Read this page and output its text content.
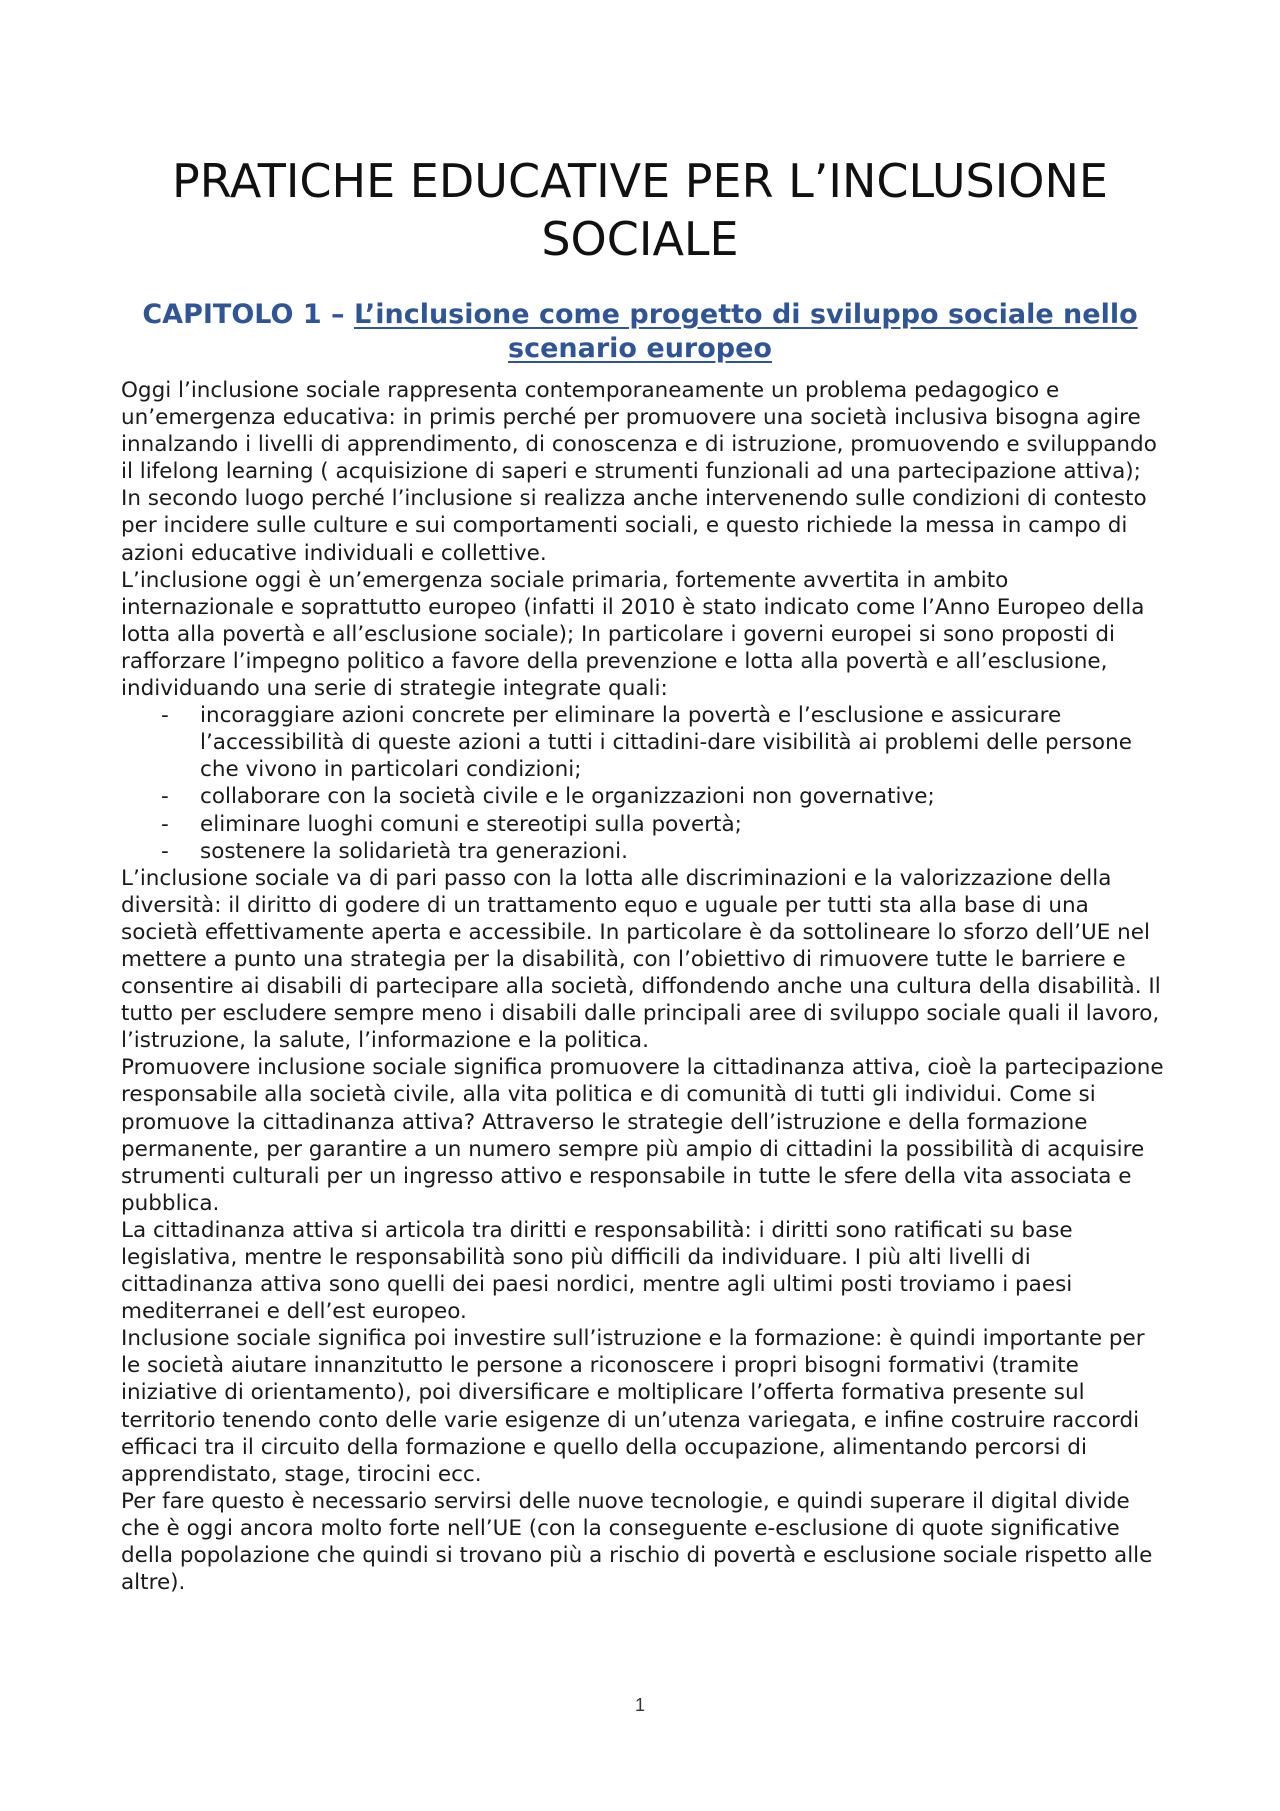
PRATICHE EDUCATIVE PER L’INCLUSIONE SOCIALE
CAPITOLO 1 – L’inclusione come progetto di sviluppo sociale nello scenario europeo

Oggi l’inclusione sociale rappresenta contemporaneamente un problema pedagogico e un’emergenza educativa: in primis perché per promuovere una società inclusiva bisogna agire innalzando i livelli di apprendimento, di conoscenza e di istruzione, promuovendo e sviluppando il lifelong learning ( acquisizione di saperi e strumenti funzionali ad una partecipazione attiva); In secondo luogo perché l’inclusione si realizza anche intervenendo sulle condizioni di contesto per incidere sulle culture e sui comportamenti sociali, e questo richiede la messa in campo di azioni educative individuali e collettive.

L’inclusione oggi è un’emergenza sociale primaria, fortemente avvertita in ambito internazionale e soprattutto europeo (infatti il 2010 è stato indicato come l’Anno Europeo della lotta alla povertà e all’esclusione sociale); In particolare i governi europei si sono proposti di rafforzare l’impegno politico a favore della prevenzione e lotta alla povertà e all’esclusione, individuando una serie di strategie integrate quali:

- incoraggiare azioni concrete per eliminare la povertà e l’esclusione e assicurare l’accessibilità di queste azioni a tutti i cittadini-dare visibilità ai problemi delle persone che vivono in particolari condizioni;
- collaborare con la società civile e le organizzazioni non governative;
- eliminare luoghi comuni e stereotipi sulla povertà;
- sostenere la solidarietà tra generazioni.

L’inclusione sociale va di pari passo con la lotta alle discriminazioni e la valorizzazione della diversità: il diritto di godere di un trattamento equo e uguale per tutti sta alla base di una società effettivamente aperta e accessibile. In particolare è da sottolineare lo sforzo dell’UE nel mettere a punto una strategia per la disabilità, con l’obiettivo di rimuovere tutte le barriere e consentire ai disabili di partecipare alla società, diffondendo anche una cultura della disabilità. Il tutto per escludere sempre meno i disabili dalle principali aree di sviluppo sociale quali il lavoro, l’istruzione, la salute, l’informazione e la politica.

Promuovere inclusione sociale significa promuovere la cittadinanza attiva, cioè la partecipazione responsabile alla società civile, alla vita politica e di comunità di tutti gli individui. Come si promuove la cittadinanza attiva? Attraverso le strategie dell’istruzione e della formazione permanente, per garantire a un numero sempre più ampio di cittadini la possibilità di acquisire strumenti culturali per un ingresso attivo e responsabile in tutte le sfere della vita associata e pubblica.

La cittadinanza attiva si articola tra diritti e responsabilità: i diritti sono ratificati su base legislativa, mentre le responsabilità sono più difficili da individuare. I più alti livelli di cittadinanza attiva sono quelli dei paesi nordici, mentre agli ultimi posti troviamo i paesi mediterranei e dell’est europeo.

Inclusione sociale significa poi investire sull’istruzione e la formazione: è quindi importante per le società aiutare innanzitutto le persone a riconoscere i propri bisogni formativi (tramite iniziative di orientamento), poi diversificare e moltiplicare l’offerta formativa presente sul territorio tenendo conto delle varie esigenze di un’utenza variegata, e infine costruire raccordi efficaci tra il circuito della formazione e quello della occupazione, alimentando percorsi di apprendistato, stage, tirocini ecc.

Per fare questo è necessario servirsi delle nuove tecnologie, e quindi superare il digital divide che è oggi ancora molto forte nell’UE (con la conseguente e-esclusione di quote significative della popolazione che quindi si trovano più a rischio di povertà e esclusione sociale rispetto alle altre).

1
